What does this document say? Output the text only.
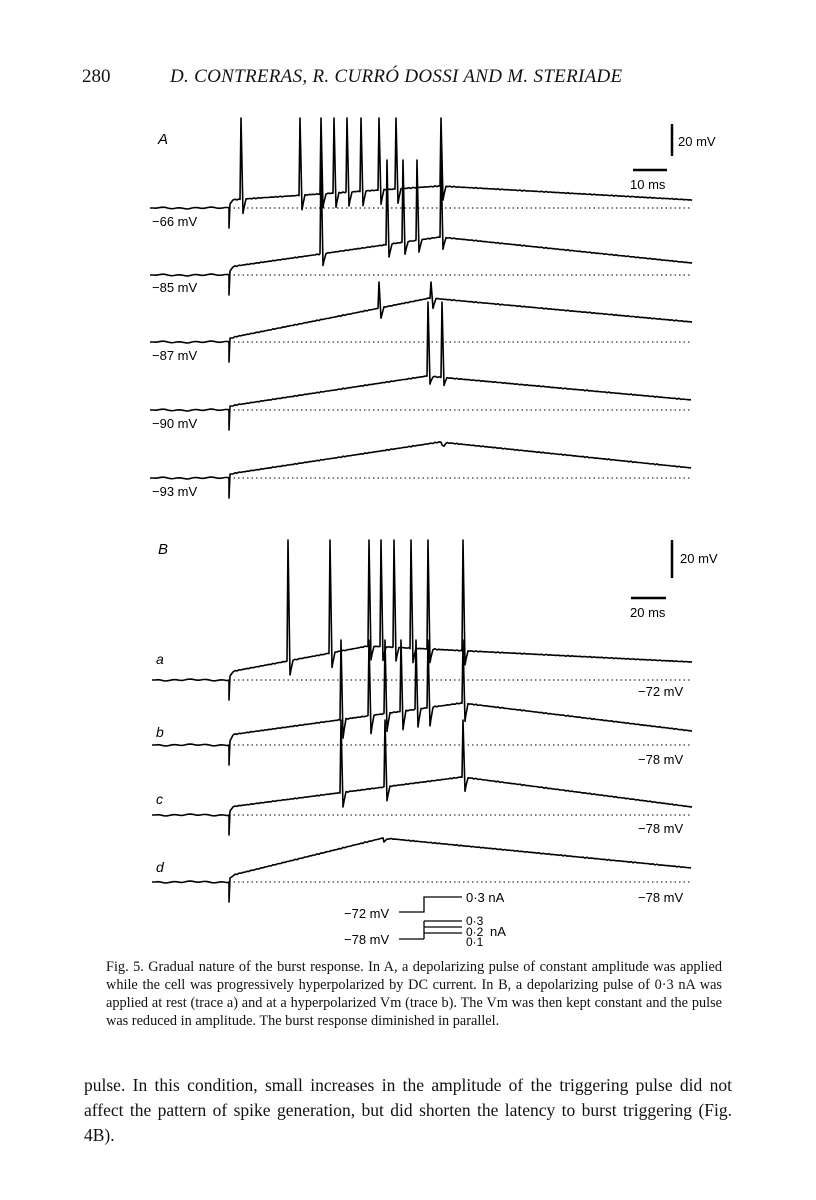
280	D. CONTRERAS, R. CURRÓ DOSSI AND M. STERIADE
A	20 mV
10 ms
−66 mV
−85 mV
−87 mV
−90 mV
−93 mV
B
20 mV
20 ms
a
−72 mV
b
−78 mV
c
−78 mV
d
−78 mV
−72 mV
0·3 nA
−78 mV
0·3
0·2
0·1
nA
Fig. 5. Gradual nature of the burst response. In A, a depolarizing pulse of constant amplitude was applied while the cell was progressively hyperpolarized by DC current. In B, a depolarizing pulse of 0·3 nA was applied at rest (trace a) and at a hyperpolarized Vm (trace b). The Vm was then kept constant and the pulse was reduced in amplitude. The burst response diminished in parallel.
pulse. In this condition, small increases in the amplitude of the triggering pulse did not affect the pattern of spike generation, but did shorten the latency to burst triggering (Fig. 4B).
